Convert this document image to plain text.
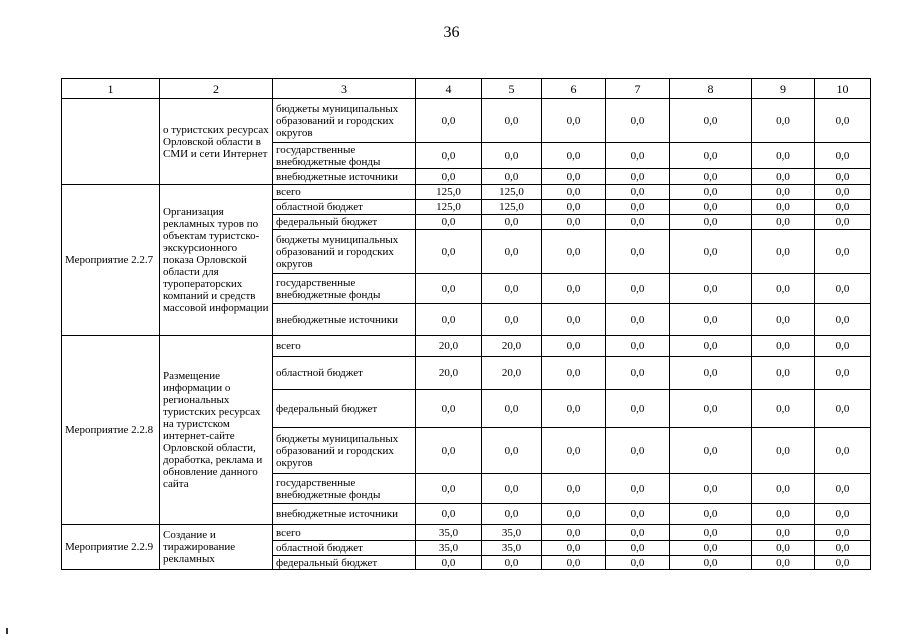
36
1	2	3	4	5	6	7	8	9	10
	о туристских ресурсах Орловской области в СМИ и сети Интернет	бюджеты муниципальных образований и городских округов	0,0	0,0	0,0	0,0	0,0	0,0	0,0
		государственные внебюджетные фонды	0,0	0,0	0,0	0,0	0,0	0,0	0,0
		внебюджетные источники	0,0	0,0	0,0	0,0	0,0	0,0	0,0
Мероприятие 2.2.7	Организация рекламных туров по объектам туристско-экскурсионного показа Орловской области для туроператорских компаний и средств массовой информации	всего	125,0	125,0	0,0	0,0	0,0	0,0	0,0
		областной бюджет	125,0	125,0	0,0	0,0	0,0	0,0	0,0
		федеральный бюджет	0,0	0,0	0,0	0,0	0,0	0,0	0,0
		бюджеты муниципальных образований и городских округов	0,0	0,0	0,0	0,0	0,0	0,0	0,0
		государственные внебюджетные фонды	0,0	0,0	0,0	0,0	0,0	0,0	0,0
		внебюджетные источники	0,0	0,0	0,0	0,0	0,0	0,0	0,0
Мероприятие 2.2.8	Размещение информации о региональных туристских ресурсах на туристском интернет-сайте Орловской области, доработка, реклама и обновление данного сайта	всего	20,0	20,0	0,0	0,0	0,0	0,0	0,0
		областной бюджет	20,0	20,0	0,0	0,0	0,0	0,0	0,0
		федеральный бюджет	0,0	0,0	0,0	0,0	0,0	0,0	0,0
		бюджеты муниципальных образований и городских округов	0,0	0,0	0,0	0,0	0,0	0,0	0,0
		государственные внебюджетные фонды	0,0	0,0	0,0	0,0	0,0	0,0	0,0
		внебюджетные источники	0,0	0,0	0,0	0,0	0,0	0,0	0,0
Мероприятие 2.2.9	Создание и тиражирование рекламных	всего	35,0	35,0	0,0	0,0	0,0	0,0	0,0
		областной бюджет	35,0	35,0	0,0	0,0	0,0	0,0	0,0
		федеральный бюджет	0,0	0,0	0,0	0,0	0,0	0,0	0,0
